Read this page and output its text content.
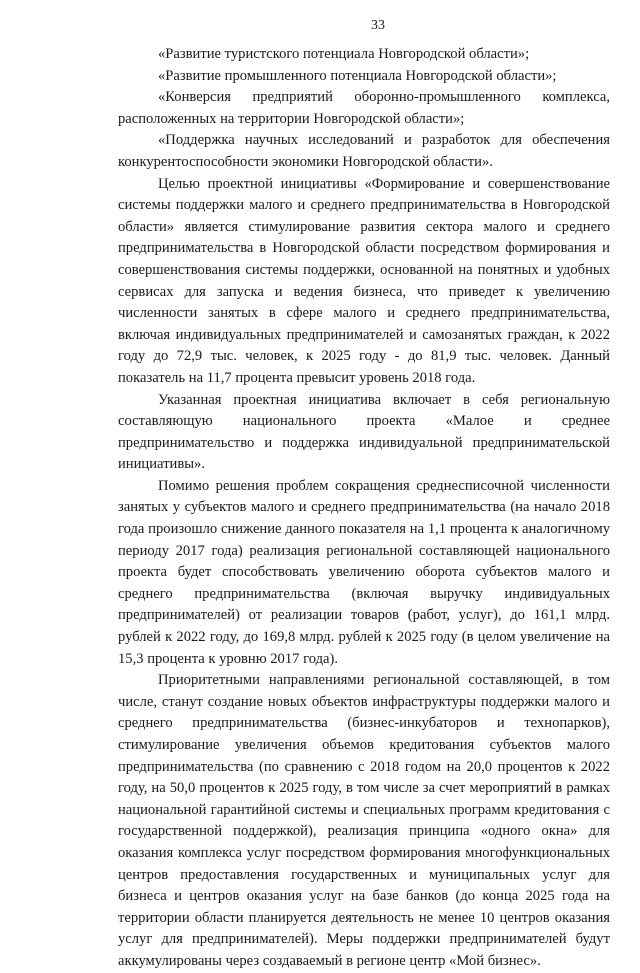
33

«Развитие туристского потенциала Новгородской области»;

«Развитие промышленного потенциала Новгородской области»;

«Конверсия предприятий оборонно-промышленного комплекса, расположенных на территории Новгородской области»;

«Поддержка научных исследований и разработок для обеспечения конкурентоспособности экономики Новгородской области».

Целью проектной инициативы «Формирование и совершенствование системы поддержки малого и среднего предпринимательства в Новгородской области» является стимулирование развития сектора малого и среднего предпринимательства в Новгородской области посредством формирования и совершенствования системы поддержки, основанной на понятных и удобных сервисах для запуска и ведения бизнеса, что приведет к увеличению численности занятых в сфере малого и среднего предпринимательства, включая индивидуальных предпринимателей и самозанятых граждан, к 2022 году до 72,9 тыс. человек, к 2025 году - до 81,9 тыс. человек. Данный показатель на 11,7 процента превысит уровень 2018 года.

Указанная проектная инициатива включает в себя региональную составляющую национального проекта «Малое и среднее предпринимательство и поддержка индивидуальной предпринимательской инициативы».

Помимо решения проблем сокращения среднесписочной численности занятых у субъектов малого и среднего предпринимательства (на начало 2018 года произошло снижение данного показателя на 1,1 процента к аналогичному периоду 2017 года) реализация региональной составляющей национального проекта будет способствовать увеличению оборота субъектов малого и среднего предпринимательства (включая выручку индивидуальных предпринимателей) от реализации товаров (работ, услуг), до 161,1 млрд. рублей к 2022 году, до 169,8 млрд. рублей к 2025 году (в целом увеличение на 15,3 процента к уровню 2017 года).

Приоритетными направлениями региональной составляющей, в том числе, станут создание новых объектов инфраструктуры поддержки малого и среднего предпринимательства (бизнес-инкубаторов и технопарков), стимулирование увеличения объемов кредитования субъектов малого предпринимательства (по сравнению с 2018 годом на 20,0 процентов к 2022 году, на 50,0 процентов к 2025 году, в том числе за счет мероприятий в рамках национальной гарантийной системы и специальных программ кредитования с государственной поддержкой), реализация принципа «одного окна» для оказания комплекса услуг посредством формирования многофункциональных центров предоставления государственных и муниципальных услуг для бизнеса и центров оказания услуг на базе банков (до конца 2025 года на территории области планируется деятельность не менее 10 центров оказания услуг для предпринимателей). Меры поддержки предпринимателей будут аккумулированы через создаваемый в регионе центр «Мой бизнес».
